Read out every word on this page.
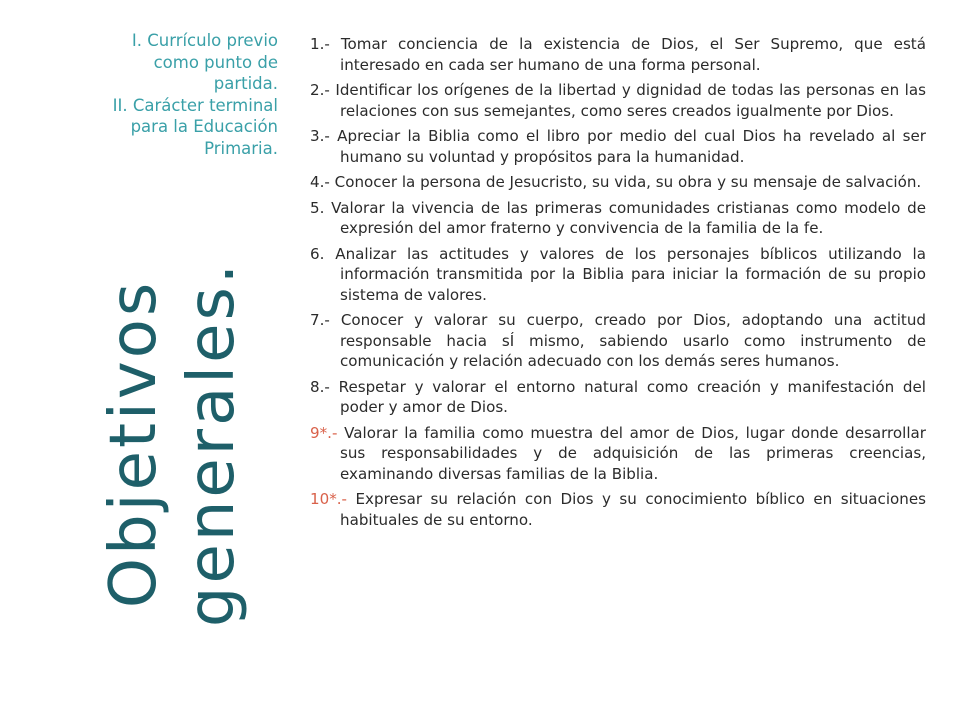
I. Currículo previo
como punto de
partida.
II. Carácter terminal
para la Educación
Primaria.
Objetivos generales.

1.- Tomar conciencia de la existencia de Dios, el Ser Supremo, que está interesado en cada ser humano de una forma personal.

2.- Identificar los orígenes de la libertad y dignidad de todas las personas en las relaciones con sus semejantes, como seres creados igualmente por Dios.

3.- Apreciar la Biblia como el libro por medio del cual Dios ha revelado al ser humano su voluntad y propósitos para la humanidad.

4.- Conocer la persona de Jesucristo, su vida, su obra y su mensaje de salvación.

5. Valorar la vivencia de las primeras comunidades cristianas como modelo de expresión del amor fraterno y convivencia de la familia de la fe.

6. Analizar las actitudes y valores de los personajes bíblicos utilizando la información transmitida por la Biblia para iniciar la formación de su propio sistema de valores.

7.- Conocer y valorar su cuerpo, creado por Dios, adoptando una actitud responsable hacia sÍ mismo, sabiendo usarlo como instrumento de comunicación y relación adecuado con los demás seres humanos.

8.- Respetar y valorar el entorno natural como creación y manifestación del poder y amor de Dios.

9*.- Valorar la familia como muestra del amor de Dios, lugar donde desarrollar sus responsabilidades y de adquisición de las primeras creencias, examinando diversas familias de la Biblia.

10*.- Expresar su relación con Dios y su conocimiento bíblico en situaciones habituales de su entorno.
